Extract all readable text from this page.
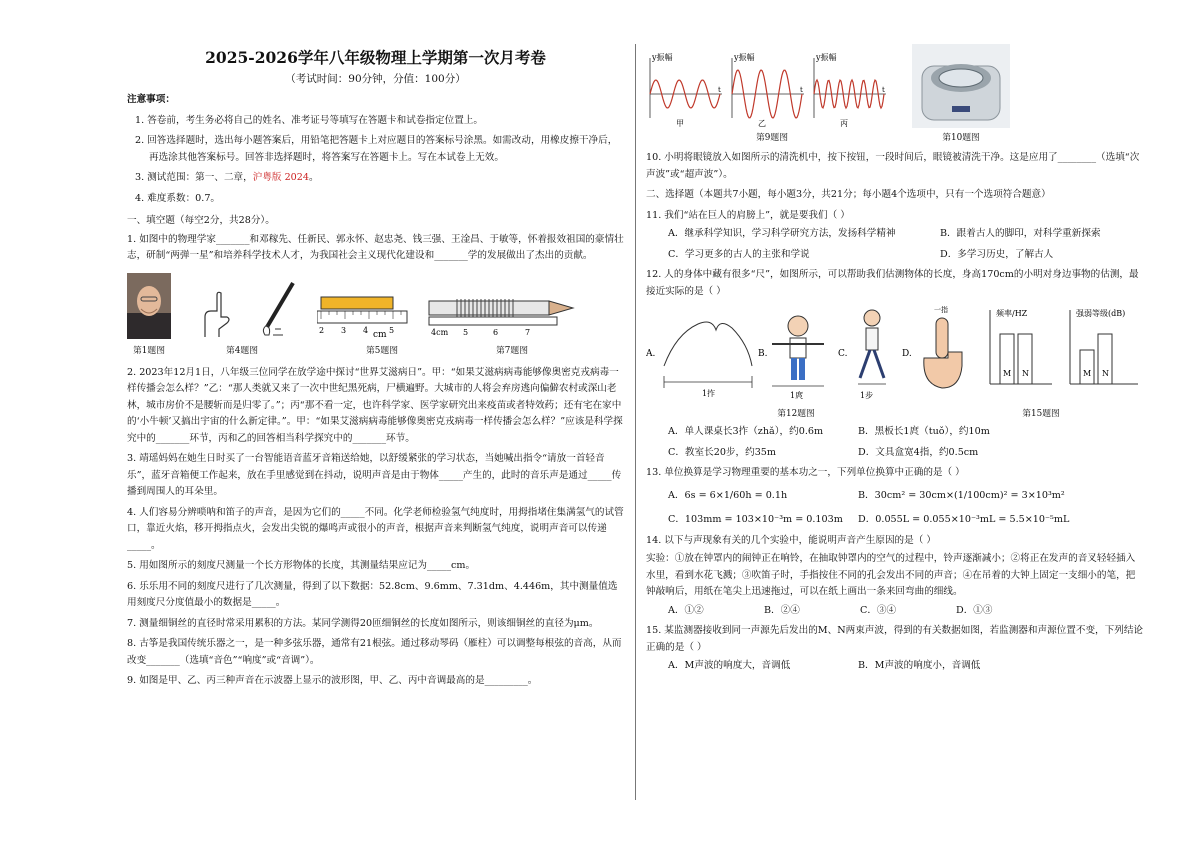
2025-2026学年八年级物理上学期第一次月考卷

（考试时间：90分钟，分值：100分）

注意事项：

1. 答卷前，考生务必将自己的姓名、准考证号等填写在答题卡和试卷指定位置上。

2. 回答选择题时，选出每小题答案后，用铅笔把答题卡上对应题目的答案标号涂黑。如需改动，用橡皮擦干净后，再选涂其他答案标号。回答非选择题时，将答案写在答题卡上。写在本试卷上无效。

3. 测试范围：第一、二章，沪粤版 2024。

4. 难度系数：0.7。

一、填空题（每空2分，共28分）。

1. 如图中的物理学家_______和邓稼先、任新民、郭永怀、赵忠尧、钱三强、王淦昌、于敏等，怀着报效祖国的豪情壮志，研制“两弹一星”和培养科学技术人才，为我国社会主义现代化建设和_______学的发展做出了杰出的贡献。

2 3 4 cm 5	4cm 5	6	7

第1题图	第4题图	第5题图	第7题图

2. 2023年12月1日，八年级三位同学在放学途中探讨“世界艾滋病日”。甲：“如果艾滋病病毒能够像奥密克戎病毒一样传播会怎么样？”乙：“那人类就又来了一次中世纪黑死病，尸横遍野。大城市的人将会弃房逃向偏僻农村或深山老林，城市房价不是腰斩而是归零了。”；丙“那不看一定，也许科学家、医学家研究出来疫苗或者特效药；还有宅在家中的‘小牛顿’又搞出宇宙的什么新定律。”。甲：“如果艾滋病病毒能够像奥密克戎病毒一样传播会怎么样？”应该是科学探究中的_______环节，丙和乙的回答相当科学探究中的_______环节。

3. 靖瑶妈妈在她生日时买了一台智能语音蓝牙音箱送给她，以舒缓紧张的学习状态，当她喊出指令“请放一首轻音乐”，蓝牙音箱便工作起来，放在手里感觉到在抖动，说明声音是由于物体_____产生的，此时的音乐声是通过_____传播到周围人的耳朵里。

4. 人们容易分辨唢呐和笛子的声音，是因为它们的_____不同。化学老师检验氢气纯度时，用拇指堵住集满氢气的试管口，靠近火焰，移开拇指点火，会发出尖锐的爆鸣声或很小的声音，根据声音来判断氢气纯度，说明声音可以传递_____。

5. 用如图所示的刻度尺测量一个长方形物体的长度，其测量结果应记为_____cm。

6. 乐乐用不同的刻度尺进行了几次测量，得到了以下数据：52.8cm、9.6mm、7.31dm、4.446m，其中测量值选用刻度尺分度值最小的数据是_____。

7. 测量细铜丝的直径时常采用累积的方法。某同学测得20匝细铜丝的长度如图所示，则该细铜丝的直径为μm。

8. 古筝是我国传统乐器之一，是一种多弦乐器，通常有21根弦。通过移动琴码（雁柱）可以调整每根弦的音高，从而改变_______（选填“音色”“响度”或“音调”）。

9. 如图是甲、乙、丙三种声音在示波器上显示的波形图，甲、乙、丙中音调最高的是_________。

y振幅
t
甲
y振幅
t
乙
y振幅
t
丙

第9题图	第10题图

10. 小明将眼镜放入如图所示的清洗机中，按下按钮，一段时间后，眼镜被清洗干净。这是应用了________（选填“次声波”或“超声波”）。

二、选择题（本题共7小题，每小题3分，共21分；每小题4个选项中，只有一个选项符合题意）

11. 我们“站在巨人的肩膀上”，就是要我们（ ）

A．继承科学知识，学习科学研究方法，发扬科学精神	B．跟着古人的脚印，对科学重新探索
C．学习更多的古人的主张和学说	D．多学习历史，了解古人

12. 人的身体中藏有很多“尺”，如图所示，可以帮助我们估测物体的长度，身高170cm的小明对身边事物的估测，最接近实际的是（ ）

A.
1拃
B.
1庹
C.
1步
D.
一指	频率/HZ
M N
强弱等级(dB)
M N

第12题图	第15题图

A．单人课桌长3拃（zhǎ），约0.6m	B．黑板长1庹（tuǒ），约10m
C．教室长20步，约35m	D．文具盒宽4指，约0.5cm

13. 单位换算是学习物理重要的基本功之一，下列单位换算中正确的是（ ）

A．6s = 6×1/60h = 0.1h	B．30cm² = 30cm×(1/100cm)² = 3×10³m²
C．103mm = 103×10⁻³m = 0.103m	D．0.055L = 0.055×10⁻³mL = 5.5×10⁻⁵mL

14. 以下与声现象有关的几个实验中，能说明声音产生原因的是（ ）

实验：①放在钟罩内的闹钟正在响铃，在抽取钟罩内的空气的过程中，铃声逐渐减小；②将正在发声的音叉轻轻插入水里，看到水花飞溅；③吹笛子时，手指按住不同的孔会发出不同的声音；④在吊着的大钟上固定一支细小的笔，把钟敲响后，用纸在笔尖上迅速拖过，可以在纸上画出一条来回弯曲的细线。

A．①②	B．②④	C．③④	D．①③

15. 某监测器接收到同一声源先后发出的M、N两束声波，得到的有关数据如图，若监测器和声源位置不变，下列结论正确的是（ ）

A．M声波的响度大，音调低	B．M声波的响度小，音调低
